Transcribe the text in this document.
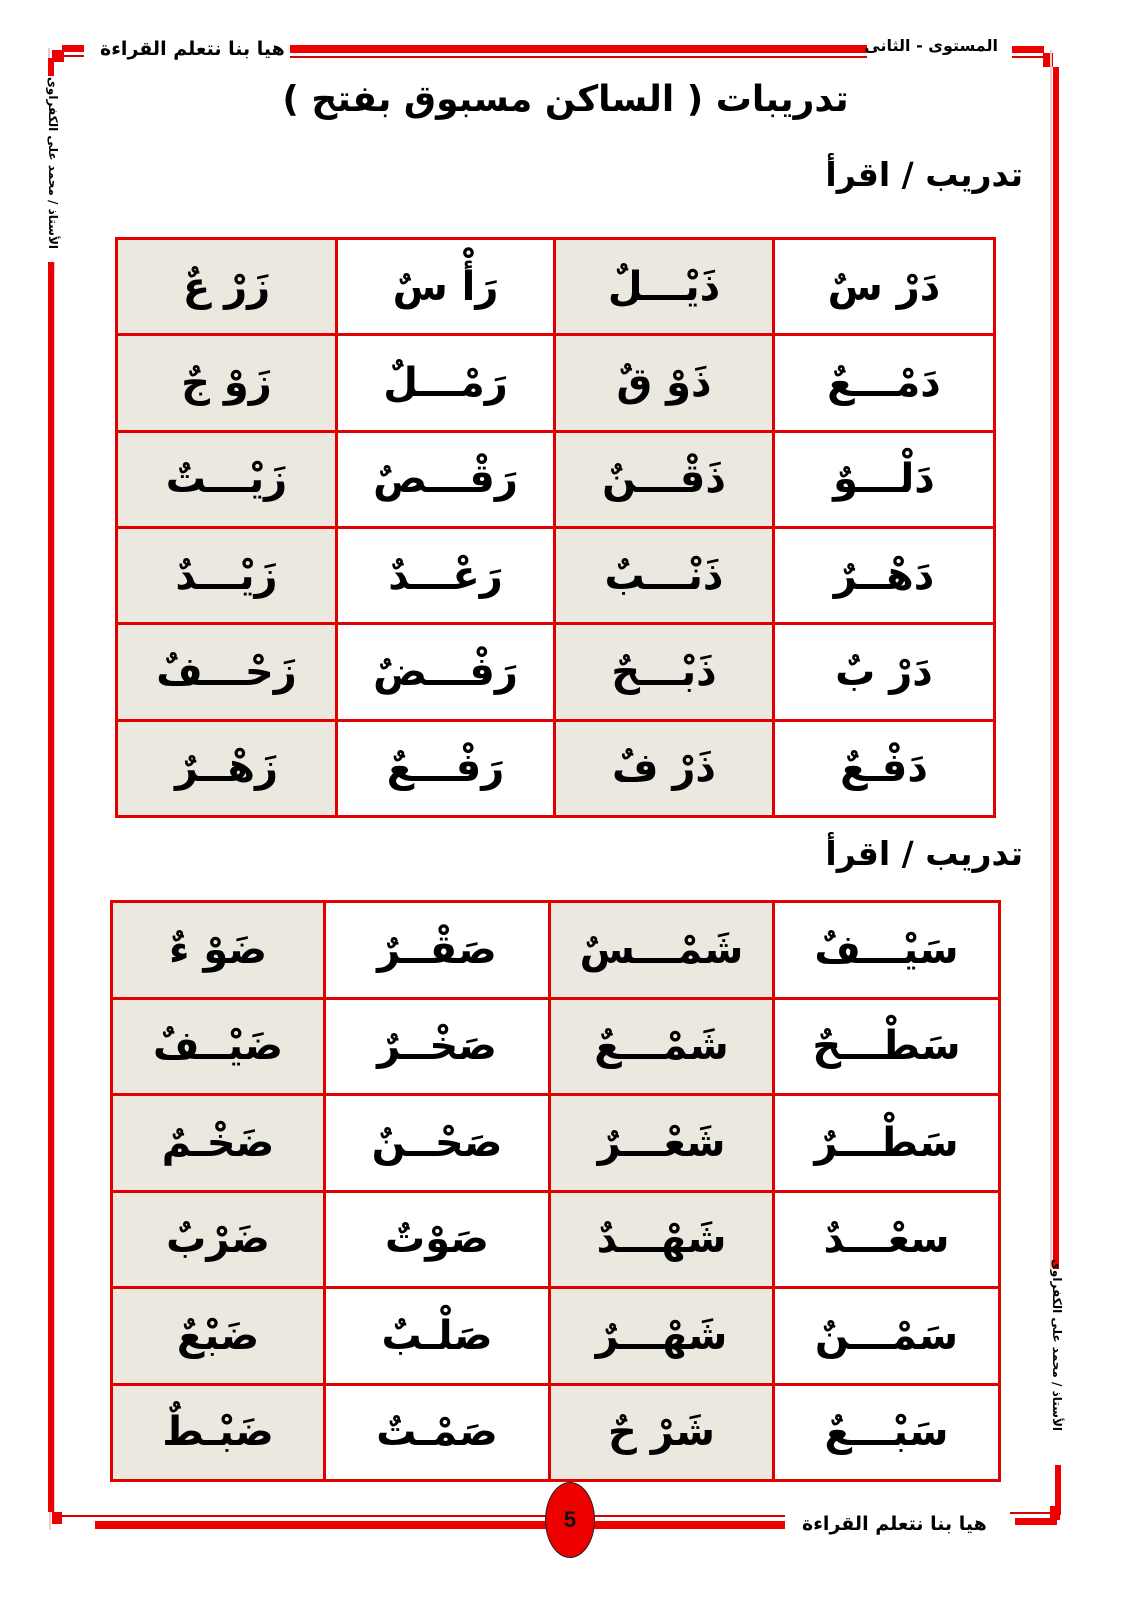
هيا بنا نتعلم القراءة	المستوى - الثانى
الأستاذ / محمد على الكفراوى
الأستاذ / محمد على الكفراوى
تدريبات ( الساكن مسبوق بفتح )
تدريب / اقرأ
زَرْ عٌ	رَأْ سٌ	ذَيْـــلٌ	دَرْ سٌ
زَوْ جٌ	رَمْـــلٌ	ذَوْ قٌ	دَمْـــعٌ
زَيْـــتٌ	رَقْـــصٌ	ذَقْـــنٌ	دَلْـــوٌ
زَيْـــدٌ	رَعْـــدٌ	ذَنْـــبٌ	دَهْــرٌ
زَحْـــفٌ	رَفْـــضٌ	ذَبْـــحٌ	دَرْ بٌ
زَهْــرٌ	رَفْـــعٌ	ذَرْ فٌ	دَفْـعٌ
تدريب / اقرأ
ضَوْ ءٌ	صَقْــرٌ	شَمْـــسٌ	سَيْـــفٌ
ضَيْــفٌ	صَخْــرٌ	شَمْـــعٌ	سَطْـــحٌ
ضَخْـمٌ	صَحْــنٌ	شَعْـــرٌ	سَطْـــرٌ
ضَرْبٌ	صَوْتٌ	شَهْـــدٌ	سعْـــدٌ
ضَبْعٌ	صَلْـبٌ	شَهْـــرٌ	سَمْـــنٌ
ضَبْـطٌ	صَمْـتٌ	شَرْ حٌ	سَبْـــعٌ
5	هيا بنا نتعلم القراءة
